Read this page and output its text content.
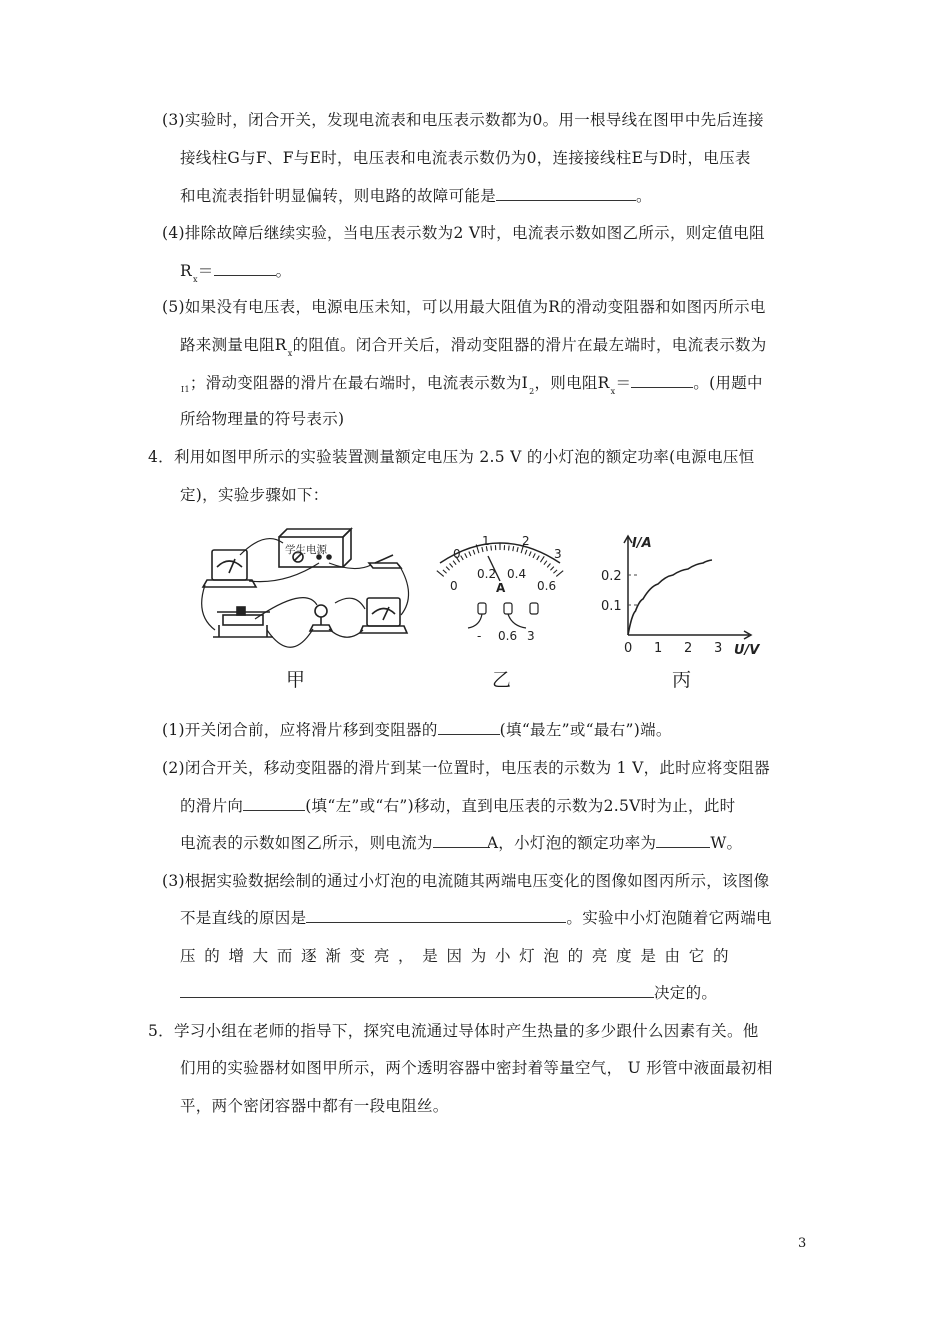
(3)实验时，闭合开关，发现电流表和电压表示数都为0。用一根导线在图甲中先后连接
接线柱G与F、F与E时，电压表和电流表示数仍为0，连接接线柱E与D时，电压表
和电流表指针明显偏转，则电路的故障可能是	。
(4)排除故障后继续实验，当电压表示数为2 V时，电流表示数如图乙所示，则定值电阻
$R_x=$	。
(5)如果没有电压表，电源电压未知，可以用最大阻值为R的滑动变阻器和如图丙所示电
路来测量电阻$R_x$的阻值。闭合开关后，滑动变阻器的滑片在最左端时，电流表示数为
$_{I1}$；滑动变阻器的滑片在最右端时，电流表示数为$I_2$，则电阻$R_x=$	。(用题中
所给物理量的符号表示)
4．利用如图甲所示的实验装置测量额定电压为 2.5 V 的小灯泡的额定功率(电源电压恒
定)，实验步骤如下：
学生电源	0
1	2
3
0
0.2 0.4
0.6
A
- 0.6 3
0 1 2 3
0.1
0.2
I/A
U/V
甲	乙	丙
(1)开关闭合前，应将滑片移到变阻器的	(填“最左”或“最右”)端。
(2)闭合开关，移动变阻器的滑片到某一位置时，电压表的示数为 1 V，此时应将变阻器
的滑片向	(填“左”或“右”)移动，直到电压表的示数为2.5V时为止，此时
电流表的示数如图乙所示，则电流为	A，小灯泡的额定功率为	W。
(3)根据实验数据绘制的通过小灯泡的电流随其两端电压变化的图像如图丙所示，该图像
不是直线的原因是	。实验中小灯泡随着它两端电
压 的 增 大 而 逐 渐 变 亮 ， 是 因 为 小 灯 泡 的 亮 度 是 由 它 的
决定的。
5．学习小组在老师的指导下，探究电流通过导体时产生热量的多少跟什么因素有关。他
们用的实验器材如图甲所示，两个透明容器中密封着等量空气， U 形管中液面最初相
平，两个密闭容器中都有一段电阻丝。
3
